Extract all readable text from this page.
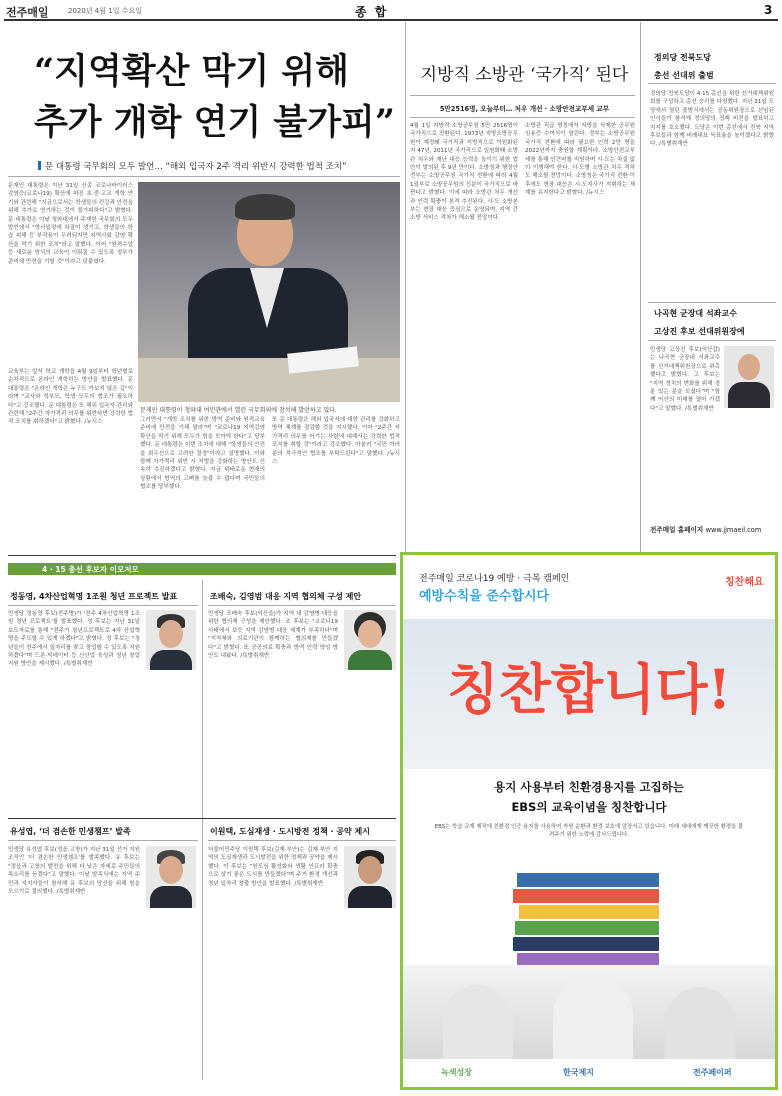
전주매일	2020년 4월 1일 수요일	종 합	3
“지역확산 막기 위해
추가 개학 연기 불가피”
문 대통령 국무회의 모두 발언… “해외 입국자 2주 격리 위반시 강력한 법적 조치”
문재인 대통령은 지난 31일 신종 코로나바이러스 감염증(코로나19) 확산에 따른 초·중·고교 개학 연기와 관련해 "지금으로서는 학생들의 건강과 안전을 위해 추가로 연기하는 것이 불가피하다"고 밝혔다. 문 대통령은 이날 청와대에서 주재한 국무회의 모두발언에서 "학사일정에 차질이 생기고, 학생들의 학습 피해 등 부작용이 우려되지만 지역사회 감염 확산을 막기 위한 조치"라고 말했다. 이어 "원격수업 등 새로운 방식의 교육이 이뤄질 수 있도록 정부가 준비에 만전을 기할 것"이라고 덧붙였다.
교육부는 앞서 학교 개학을 4월 9일부터 학년별로 순차적으로 온라인 개학하는 방안을 발표했다. 문 대통령은 "온라인 개학은 누구도 가보지 않은 길"이라며 "교사와 학부모, 학생 모두의 협조가 필요하다"고 강조했다. 문 대통령은 또 해외 입국자 관리와 관련해 "2주간 자가격리 의무를 위반하면 강력한 법적 조치를 취하겠다"고 밝혔다. /뉴시스
문재인 대통령이 청와대 여민관에서 열린 국무회의에 참석해 발언하고 있다.
그러면서 "개학 조치를 위한 방역 준비와 원격교육 준비에 만전을 기해 달라"며 "코로나19 지역감염 확산을 막기 위해 모두가 힘을 모아야 한다"고 당부했다. 문 대통령은 이번 조치에 대해 "학생들의 안전을 최우선으로 고려한 결정"이라고 설명했다. 이와 함께 자가격리 위반 시 처벌을 강화하는 방안도 신속히 추진하겠다고 밝혔다. 지금 위태로운 현재의 상황에서 방역의 고삐를 늦출 수 없다며 국민들의 협조를 당부했다.
또 문 대통령은 해외 입국자에 대한 관리를 강화하고 방역 체계를 점검할 것을 지시했다. 이어 "2주간 자가격리 의무를 어기는 사람에 대해서는 강력한 법적 조치를 취할 것"이라고 강조했다. 아울러 "국민 여러분의 적극적인 협조를 부탁드린다"고 말했다. /뉴시스
지방직 소방관 ‘국가직’ 된다
5만2516명, 오늘부터… 처우 개선 · 소방안전교부세 교부
4월 1일 지방직 소방공무원 5만 2516명이 국가직으로 전환된다. 1973년 지방소방공무원이 제정돼 국가직과 지방직으로 이원화된 지 47년, 2011년 국가직으로 일원화돼 소방관 처우와 재난 대응 능력을 높이기 위한 법안이 발의된 후 9년 만이다. 소방청과 행정안전부는 소방공무원 국가직 전환에 따라 4월 1일부로 소방공무원의 신분이 국가직으로 바뀐다고 밝혔다. 이에 따라 소방관 처우 개선과 인력 확충이 본격 추진된다. 시·도 소방본부는 현장 대응 중심으로 운영되며, 지역 간 소방 서비스 격차가 해소될 전망이다.
소방관 직급 명칭에서 지방을 삭제한 공무원 임용증 수여식이 열린다. 정부는 소방공무원 국가직 전환에 따라 필요한 인력 2만 명을 2022년까지 충원할 계획이다. 소방안전교부세를 통해 인건비를 지원하며 시·도는 차질 없이 이행해야 한다. 시·도별 소방관 처우 격차도 해소될 전망이다. 소방청은 국가직 전환 이후에도 현장 대응은 시·도지사가 지휘하는 체계를 유지한다고 밝혔다. /뉴시스
정의당 전북도당
총선 선대위 출범
정의당 전북도당이 4·15 총선을 위한 선거대책위원회를 구성하고 총선 승리를 다짐했다. 지난 31일 도당에서 열린 출범식에서는 공동위원장으로 선임된 인사들이 참석해 정의당의 정책 비전을 발표하고 지지를 호소했다. 도당은 이번 총선에서 전북 지역 후보들과 함께 비례대표 득표율을 높이겠다고 밝혔다. /특별취재반
나곡현 군장대 석좌교수
고상진 후보 선대위원장에
민생당 고상진 후보(익산갑)는 나곡현 군장대 석좌교수를 선거대책위원장으로 위촉했다고 밝혔다. 고 후보는 "지역 정치의 변화를 위해 경륜 있는 분을 모셨다"며 "함께 익산의 미래를 열어 가겠다"고 말했다. /특별취재반
전주매일 홈페이지 www.jjmaeil.com
4 · 15 총선 후보자 이모저모
정동영, 4차산업혁명 1조원 청년 프로젝트 발표
민생당 정동영 후보(전주병)가 '전주 4차산업혁명 1조원 청년 프로젝트'를 발표했다. 정 후보는 지난 31일 보도자료를 통해 "전주가 청년프로젝트로 4차 산업혁명을 주도할 수 있게 하겠다"고 밝혔다. 정 후보는 "청년들이 전주에서 일자리를 찾고 창업할 수 있도록 지원하겠다"며 드론·빅데이터 등 신산업 육성과 청년 창업 지원 방안을 제시했다. /특별취재반
조배숙, 김영범 대응 지역 협의체 구성 제안
민생당 조배숙 후보(익산을)가 지역 내 감염병 대응을 위한 협의체 구성을 제안했다. 조 후보는 "코로나19 사태에서 보듯 지역 감염병 대응 체계가 부족하다"며 "지자체와 의료기관이 함께하는 협의체를 만들겠다"고 밝혔다. 또 공공의료 확충과 방역 인력 양성 방안도 내놨다. /특별취재반
유성엽, ‘더 겸손한 민생챔프’ 발족
민생당 유성엽 후보(정읍·고창)가 지난 31일 선거 지원 조직인 '더 겸손한 민생챔프'를 발족했다. 유 후보는 "정읍과 고창의 발전을 위해 더 낮은 자세로 주민들의 목소리를 듣겠다"고 말했다. 이날 발족식에는 지역 주민과 지지자들이 참석해 유 후보의 당선을 위해 힘을 모으기로 결의했다. /특별취재반
이원택, 도심재생 · 도시방전 정책 · 공약 제시
더불어민주당 이원택 후보(김제·부안)는 김제·부안 지역의 도심재생과 도시발전을 위한 정책과 공약을 제시했다. 이 후보는 "원도심 활성화와 생활 인프라 확충으로 살기 좋은 도시를 만들겠다"며 주거 환경 개선과 청년 일자리 창출 방안을 발표했다. /특별취재반
전주매일 코로나19 예방 · 극복 캠페인
예방수칙을 준수합시다
칭찬해요
칭찬합니다!
용지 사용부터 친환경용지를 고집하는
EBS의 교육이념을 칭찬합니다
EBS는 학습 교재 제작에 친환경 인증 용지를 사용하여 자원 순환과 환경 보호에 앞장서고 있습니다. 미래 세대에게 깨끗한 환경을 물려주기 위한 노력에 감사드립니다.
녹색성장	한국제지	전주페이퍼
